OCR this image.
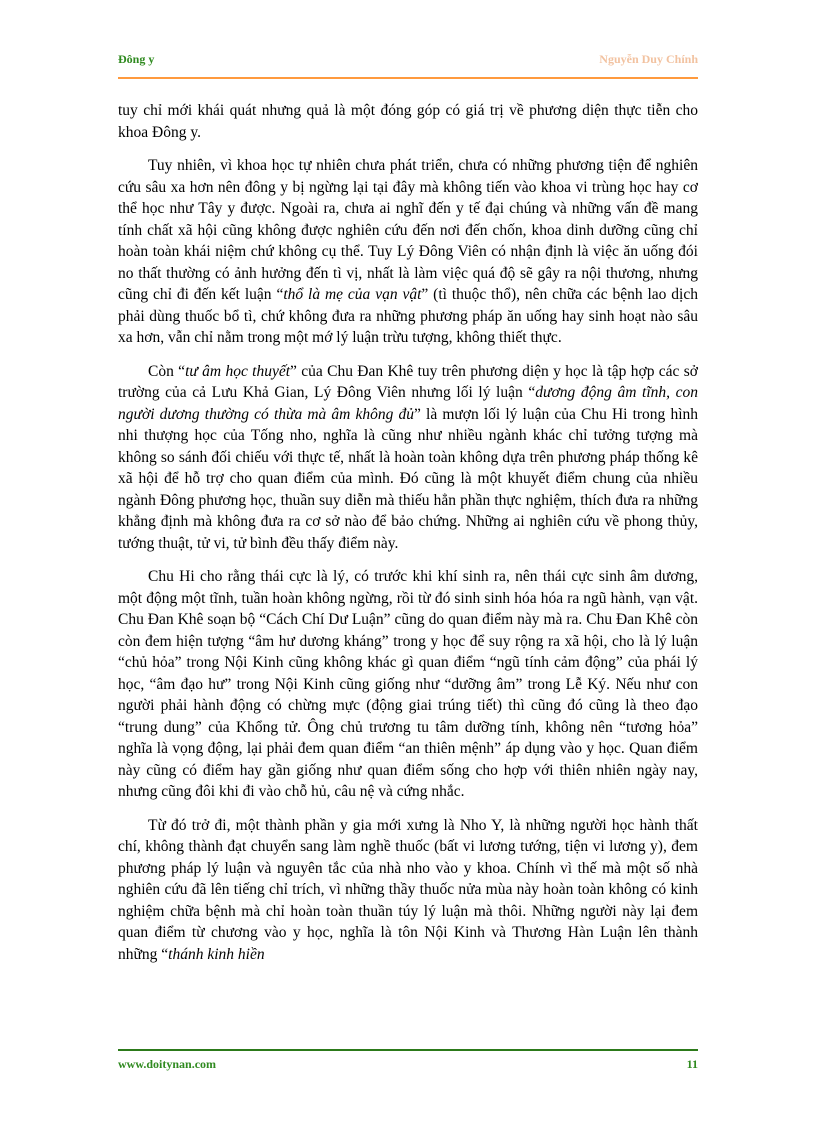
Đông y	Nguyễn Duy Chính

tuy chỉ mới khái quát nhưng quả là một đóng góp có giá trị về phương diện thực tiễn cho khoa Đông y.

Tuy nhiên, vì khoa học tự nhiên chưa phát triển, chưa có những phương tiện để nghiên cứu sâu xa hơn nên đông y bị ngừng lại tại đây mà không tiến vào khoa vi trùng học hay cơ thể học như Tây y được. Ngoài ra, chưa ai nghĩ đến y tế đại chúng và những vấn đề mang tính chất xã hội cũng không được nghiên cứu đến nơi đến chốn, khoa dinh dưỡng cũng chỉ hoàn toàn khái niệm chứ không cụ thể. Tuy Lý Đông Viên có nhận định là việc ăn uống đói no thất thường có ảnh hưởng đến tì vị, nhất là làm việc quá độ sẽ gây ra nội thương, nhưng cũng chỉ đi đến kết luận “thổ là mẹ của vạn vật” (tì thuộc thổ), nên chữa các bệnh lao dịch phải dùng thuốc bổ tì, chứ không đưa ra những phương pháp ăn uống hay sinh hoạt nào sâu xa hơn, vẫn chỉ nằm trong một mớ lý luận trừu tượng, không thiết thực.

Còn “tư âm học thuyết” của Chu Đan Khê tuy trên phương diện y học là tập hợp các sở trường của cả Lưu Khả Gian, Lý Đông Viên nhưng lối lý luận “dương động âm tĩnh, con người dương thường có thừa mà âm không đủ” là mượn lối lý luận của Chu Hi trong hình nhi thượng học của Tống nho, nghĩa là cũng như nhiều ngành khác chỉ tưởng tượng mà không so sánh đối chiếu với thực tế, nhất là hoàn toàn không dựa trên phương pháp thống kê xã hội để hỗ trợ cho quan điểm của mình. Đó cũng là một khuyết điểm chung của nhiều ngành Đông phương học, thuần suy diễn mà thiếu hẳn phần thực nghiệm, thích đưa ra những khẳng định mà không đưa ra cơ sở nào để bảo chứng. Những ai nghiên cứu về phong thủy, tướng thuật, tử vi, tử bình đều thấy điểm này.

Chu Hi cho rằng thái cực là lý, có trước khi khí sinh ra, nên thái cực sinh âm dương, một động một tĩnh, tuần hoàn không ngừng, rồi từ đó sinh sinh hóa hóa ra ngũ hành, vạn vật. Chu Đan Khê soạn bộ “Cách Chí Dư Luận” cũng do quan điểm này mà ra. Chu Đan Khê còn còn đem hiện tượng “âm hư dương kháng” trong y học để suy rộng ra xã hội, cho là lý luận “chủ hỏa” trong Nội Kinh cũng không khác gì quan điểm “ngũ tính cảm động” của phái lý học, “âm đạo hư” trong Nội Kinh cũng giống như “dưỡng âm” trong Lễ Ký. Nếu như con người phải hành động có chừng mực (động giai trúng tiết) thì cũng đó cũng là theo đạo “trung dung” của Khổng tử. Ông chủ trương tu tâm dưỡng tính, không nên “tương hỏa” nghĩa là vọng động, lại phải đem quan điểm “an thiên mệnh” áp dụng vào y học. Quan điểm này cũng có điểm hay gần giống như quan điểm sống cho hợp với thiên nhiên ngày nay, nhưng cũng đôi khi đi vào chỗ hủ, câu nệ và cứng nhắc.

Từ đó trở đi, một thành phần y gia mới xưng là Nho Y, là những người học hành thất chí, không thành đạt chuyển sang làm nghề thuốc (bất vi lương tướng, tiện vi lương y), đem phương pháp lý luận và nguyên tắc của nhà nho vào y khoa. Chính vì thế mà một số nhà nghiên cứu đã lên tiếng chỉ trích, vì những thầy thuốc nửa mùa này hoàn toàn không có kinh nghiệm chữa bệnh mà chỉ hoàn toàn thuần túy lý luận mà thôi. Những người này lại đem quan điểm từ chương vào y học, nghĩa là tôn Nội Kinh và Thương Hàn Luận lên thành những “thánh kinh hiền

www.doitynan.com	11
